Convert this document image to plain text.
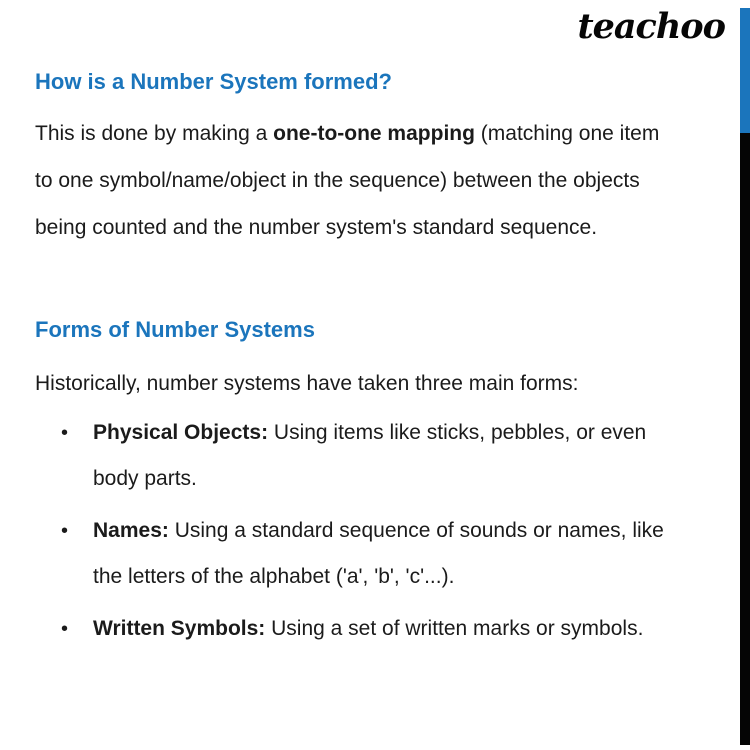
teachoo
How is a Number System formed?
This is done by making a one-to-one mapping (matching one item
to one symbol/name/object in the sequence) between the objects
being counted and the number system's standard sequence.
Forms of Number Systems
Historically, number systems have taken three main forms:
• Physical Objects: Using items like sticks, pebbles, or even
body parts.
• Names: Using a standard sequence of sounds or names, like
the letters of the alphabet ('a', 'b', 'c'...).
• Written Symbols: Using a set of written marks or symbols.
